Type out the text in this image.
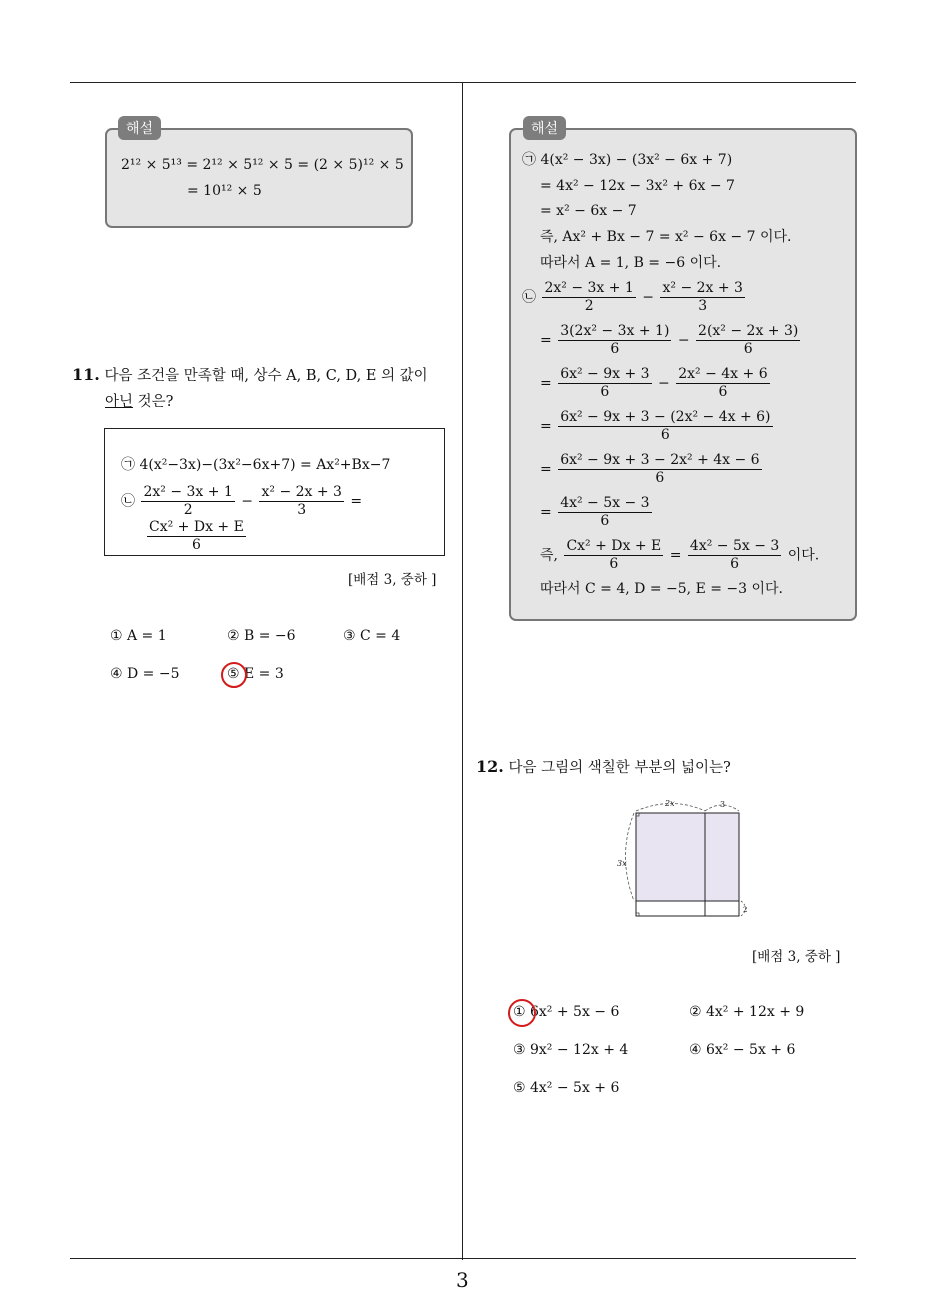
3
해설
2¹² × 5¹³ = 2¹² × 5¹² × 5 = (2 × 5)¹² × 5
= 10¹² × 5
11. 다음 조건을 만족할 때, 상수 A, B, C, D, E 의 값이
아닌 것은?
㉠ 4(x²−3x)−(3x²−6x+7) = Ax²+Bx−7
㉡ $\frac{\text{2x² − 3x + 1}}{2} - \frac{\text{x² − 2x + 3}}{3}$ =
$\frac{\text{Cx² + Dx + E}}{6}$
[배점 3, 중하 ]
① A = 1	② B = −6	③ C = 4
④ D = −5	⑤ E = 3
해설
㉠ 4(x² − 3x) − (3x² − 6x + 7)
= 4x² − 12x − 3x² + 6x − 7
= x² − 6x − 7
즉, Ax² + Bx − 7 = x² − 6x − 7 이다.
따라서 A = 1, B = −6 이다.
㉡ $\frac{\text{2x² − 3x + 1}}{2} - \frac{\text{x² − 2x + 3}}{3}$
= $\frac{\text{3(2x² − 3x + 1)}}{6} - \frac{\text{2(x² − 2x + 3)}}{6}$
= $\frac{\text{6x² − 9x + 3}}{6} - \frac{\text{2x² − 4x + 6}}{6}$
= $\frac{\text{6x² − 9x + 3 − (2x² − 4x + 6)}}{6}$
= $\frac{\text{6x² − 9x + 3 − 2x² + 4x − 6}}{6}$
= $\frac{\text{4x² − 5x − 3}}{6}$
즉, $\frac{\text{Cx² + Dx + E}}{6} = \frac{\text{4x² − 5x − 3}}{6}$ 이다.
따라서 C = 4, D = −5, E = −3 이다.
12. 다음 그림의 색칠한 부분의 넓이는?
2x	3
3x
2
[배점 3, 중하 ]
① 6x² + 5x − 6	② 4x² + 12x + 9
③ 9x² − 12x + 4	④ 6x² − 5x + 6
⑤ 4x² − 5x + 6
